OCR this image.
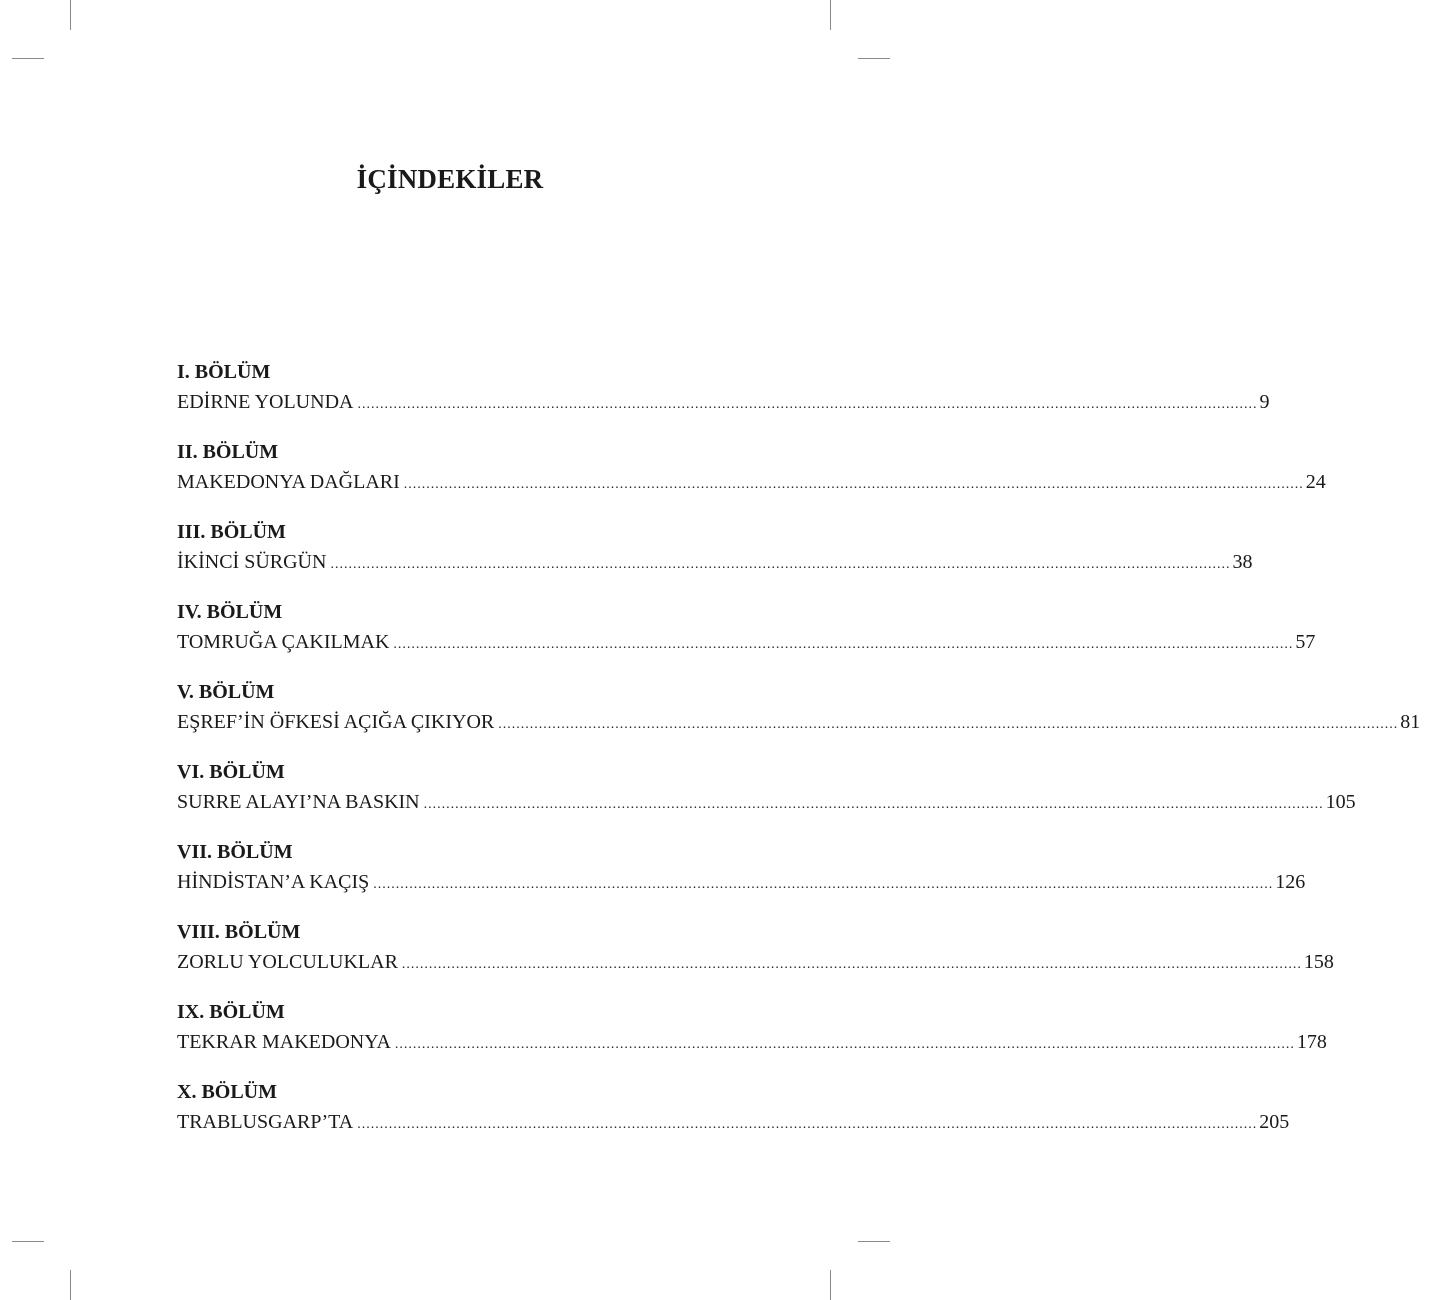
İÇİNDEKİLER
I. BÖLÜM
EDİRNE YOLUNDA ........................................................................................................................................................................................................ 9
II. BÖLÜM
MAKEDONYA DAĞLARI ........................................................................................................................................................................................................ 24
III. BÖLÜM
İKİNCİ SÜRGÜN ........................................................................................................................................................................................................ 38
IV. BÖLÜM
TOMRUĞA ÇAKILMAK ........................................................................................................................................................................................................ 57
V. BÖLÜM
EŞREF’İN ÖFKESİ AÇIĞA ÇIKIYOR ........................................................................................................................................................................................................ 81
VI. BÖLÜM
SURRE ALAYI’NA BASKIN ........................................................................................................................................................................................................ 105
VII. BÖLÜM
HİNDİSTAN’A KAÇIŞ ........................................................................................................................................................................................................ 126
VIII. BÖLÜM
ZORLU YOLCULUKLAR ........................................................................................................................................................................................................ 158
IX. BÖLÜM
TEKRAR MAKEDONYA ........................................................................................................................................................................................................ 178
X. BÖLÜM
TRABLUSGARP’TA ........................................................................................................................................................................................................ 205
